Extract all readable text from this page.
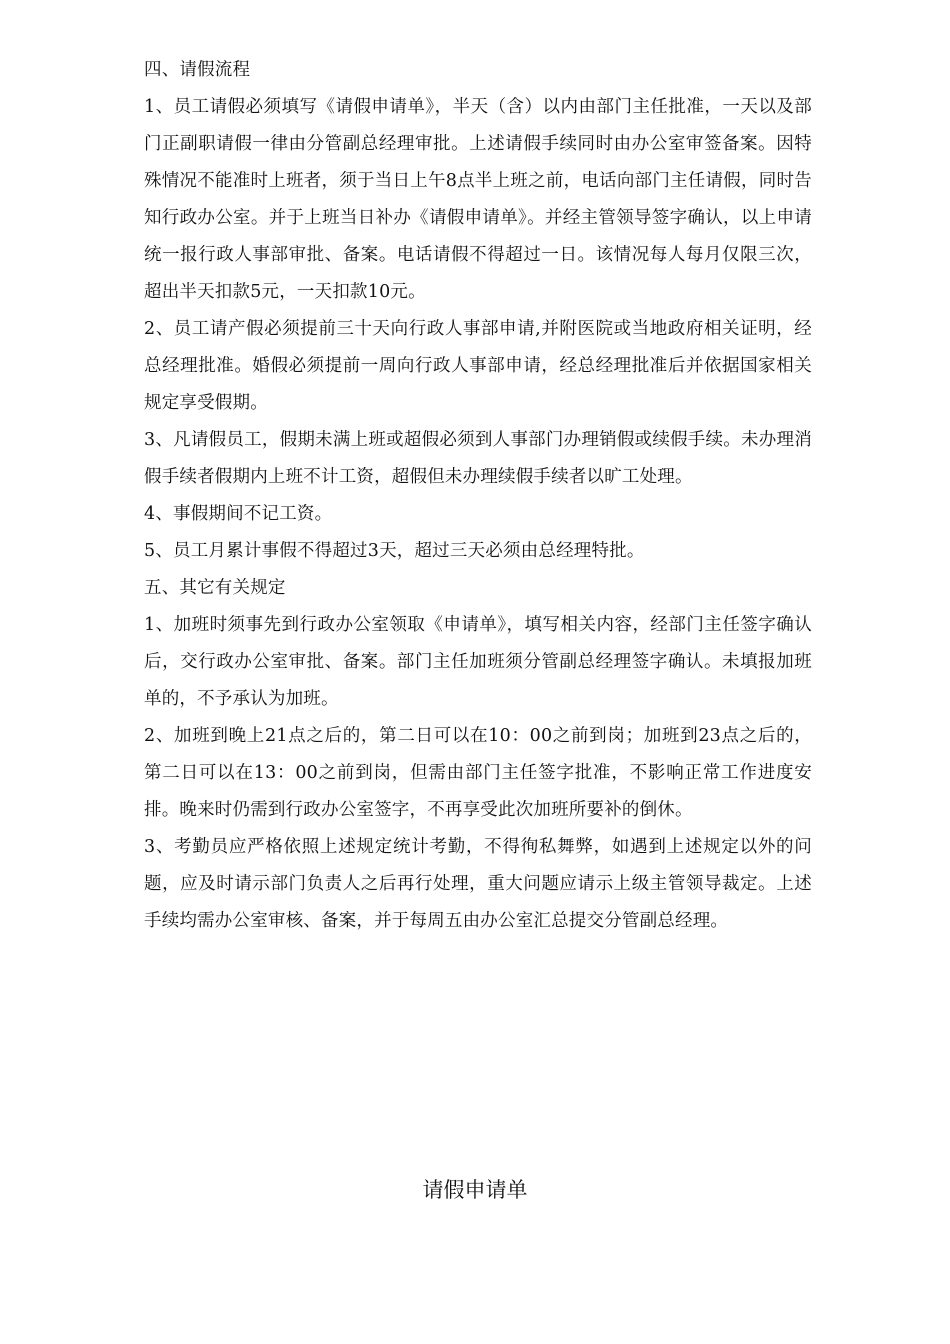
四、请假流程

1、员工请假必须填写《请假申请单》，半天（含）以内由部门主任批准，一天以及部门正副职请假一律由分管副总经理审批。上述请假手续同时由办公室审签备案。因特殊情况不能准时上班者，须于当日上午8点半上班之前，电话向部门主任请假，同时告知行政办公室。并于上班当日补办《请假申请单》。并经主管领导签字确认，以上申请统一报行政人事部审批、备案。电话请假不得超过一日。该情况每人每月仅限三次，超出半天扣款5元，一天扣款10元。

2、员工请产假必须提前三十天向行政人事部申请,并附医院或当地政府相关证明，经总经理批准。婚假必须提前一周向行政人事部申请，经总经理批准后并依据国家相关规定享受假期。

3、凡请假员工，假期未满上班或超假必须到人事部门办理销假或续假手续。未办理消假手续者假期内上班不计工资，超假但未办理续假手续者以旷工处理。

4、事假期间不记工资。

5、员工月累计事假不得超过3天，超过三天必须由总经理特批。

五、其它有关规定

1、加班时须事先到行政办公室领取《申请单》，填写相关内容，经部门主任签字确认后，交行政办公室审批、备案。部门主任加班须分管副总经理签字确认。未填报加班单的，不予承认为加班。

2、加班到晚上21点之后的，第二日可以在10：00之前到岗；加班到23点之后的，第二日可以在13：00之前到岗，但需由部门主任签字批准，不影响正常工作进度安排。晚来时仍需到行政办公室签字，不再享受此次加班所要补的倒休。

3、考勤员应严格依照上述规定统计考勤，不得徇私舞弊，如遇到上述规定以外的问题，应及时请示部门负责人之后再行处理，重大问题应请示上级主管领导裁定。上述手续均需办公室审核、备案，并于每周五由办公室汇总提交分管副总经理。

请假申请单
